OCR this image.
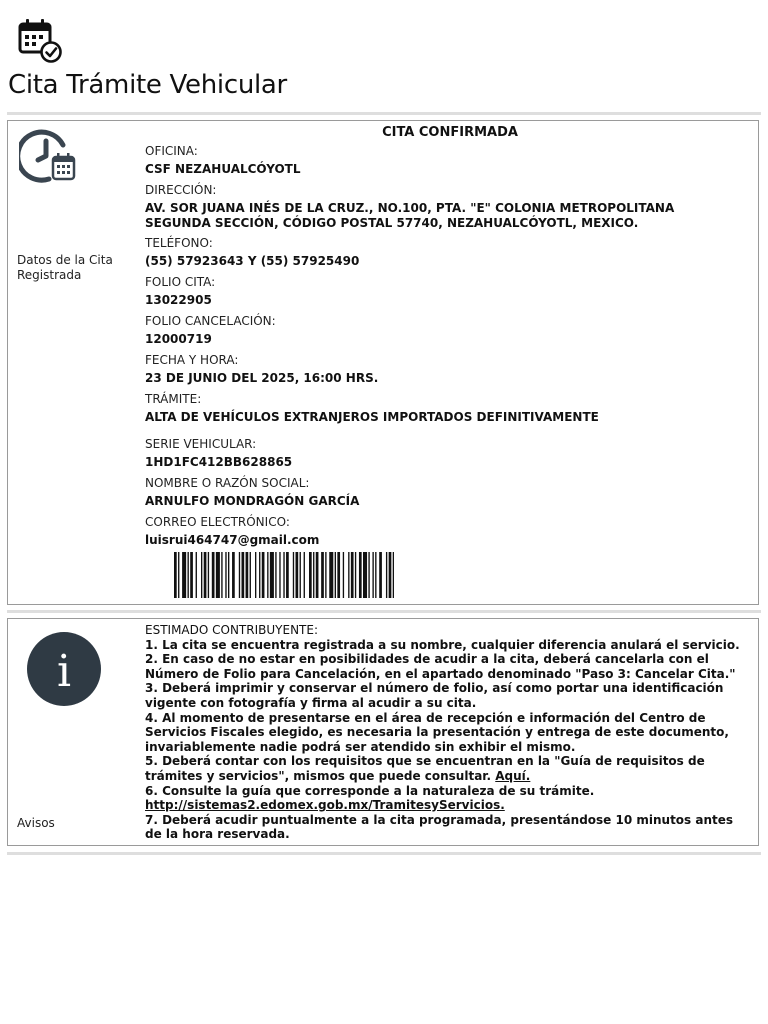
Cita Trámite Vehicular
Datos de la Cita Registrada
CITA CONFIRMADA
OFICINA:
CSF NEZAHUALCÓYOTL
DIRECCIÓN:
AV. SOR JUANA INÉS DE LA CRUZ., NO.100, PTA. "E" COLONIA METROPOLITANA SEGUNDA SECCIÓN, CÓDIGO POSTAL 57740, NEZAHUALCÓYOTL, MEXICO.
TELÉFONO:
(55) 57923643 Y (55) 57925490
FOLIO CITA:
13022905
FOLIO CANCELACIÓN:
12000719
FECHA Y HORA:
23 DE JUNIO DEL 2025, 16:00 HRS.
TRÁMITE:
ALTA DE VEHÍCULOS EXTRANJEROS IMPORTADOS DEFINITIVAMENTE
SERIE VEHICULAR:
1HD1FC412BB628865
NOMBRE O RAZÓN SOCIAL:
ARNULFO MONDRAGÓN GARCÍA
CORREO ELECTRÓNICO:
luisrui464747@gmail.com
i
Avisos
ESTIMADO CONTRIBUYENTE:
1. La cita se encuentra registrada a su nombre, cualquier diferencia anulará el servicio.
2. En caso de no estar en posibilidades de acudir a la cita, deberá cancelarla con el Número de Folio para Cancelación, en el apartado denominado "Paso 3: Cancelar Cita."
3. Deberá imprimir y conservar el número de folio, así como portar una identificación vigente con fotografía y firma al acudir a su cita.
4. Al momento de presentarse en el área de recepción e información del Centro de Servicios Fiscales elegido, es necesaria la presentación y entrega de este documento, invariablemente nadie podrá ser atendido sin exhibir el mismo.
5. Deberá contar con los requisitos que se encuentran en la "Guía de requisitos de trámites y servicios", mismos que puede consultar. Aquí.
6. Consulte la guía que corresponde a la naturaleza de su trámite.
http://sistemas2.edomex.gob.mx/TramitesyServicios.
7. Deberá acudir puntualmente a la cita programada, presentándose 10 minutos antes de la hora reservada.
